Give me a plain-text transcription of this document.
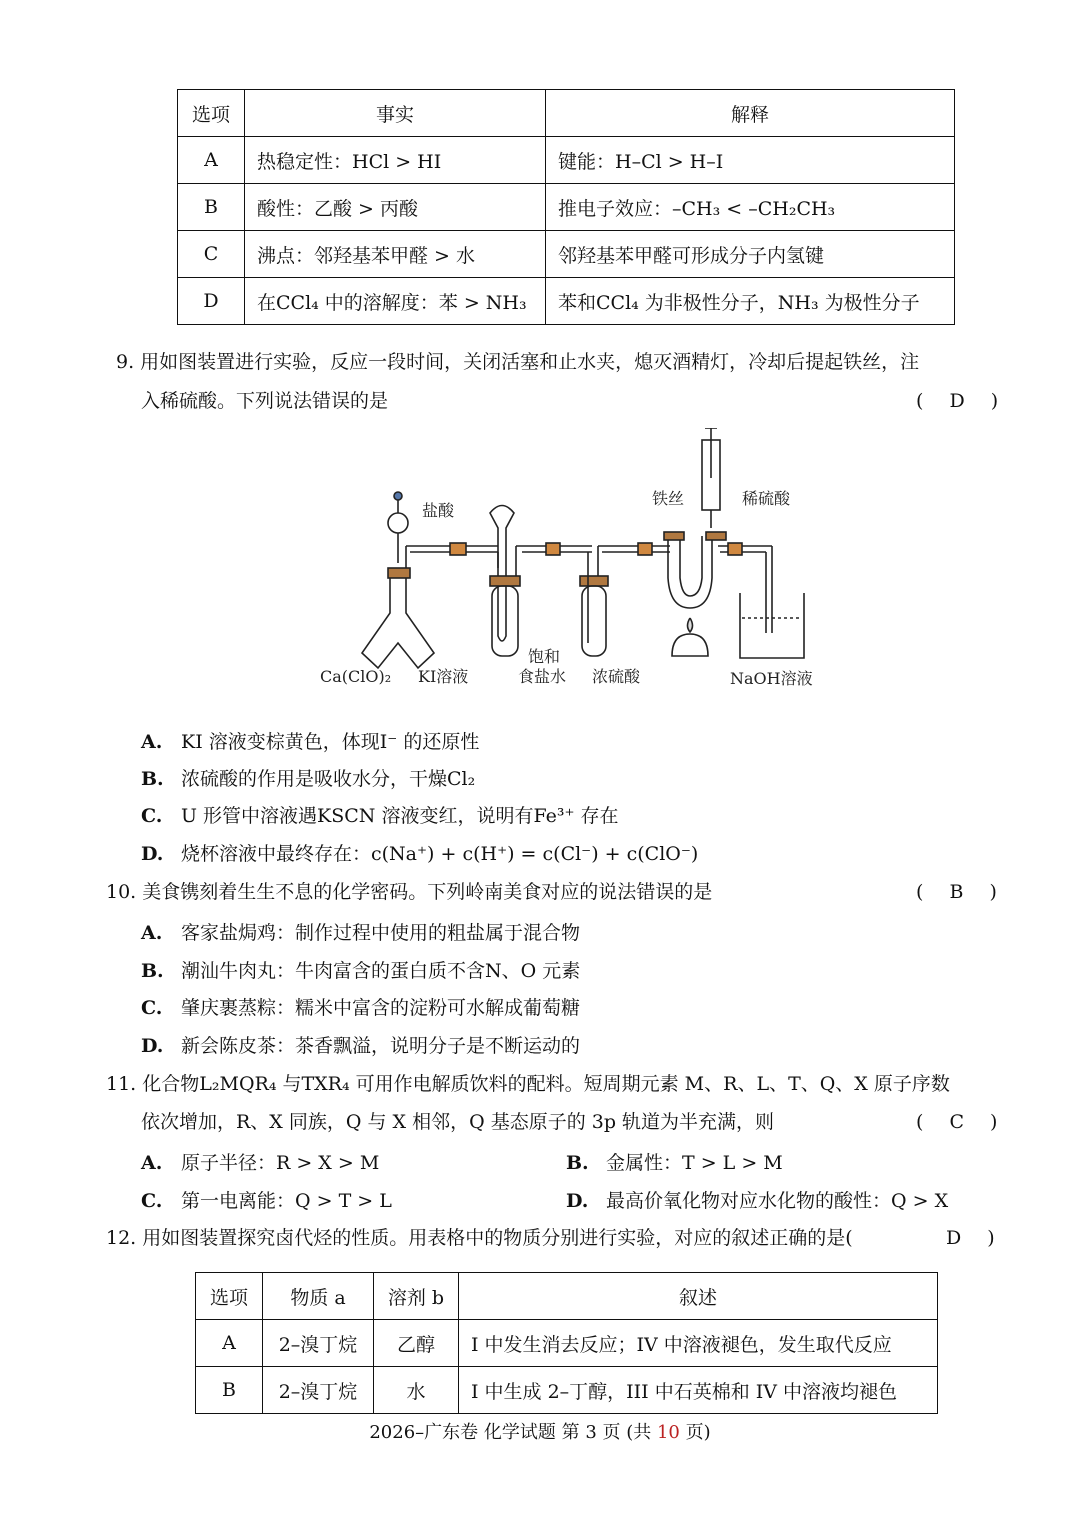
选项	事实	解释
A	热稳定性：HCl > HI	键能：H–Cl > H–I
B	酸性：乙酸 > 丙酸	推电子效应：–CH₃ < –CH₂CH₃
C	沸点：邻羟基苯甲醛 > 水	邻羟基苯甲醛可形成分子内氢键
D	在CCl₄ 中的溶解度：苯 > NH₃	苯和CCl₄ 为非极性分子，NH₃ 为极性分子
9. 用如图装置进行实验，反应一段时间，关闭活塞和止水夹，熄灭酒精灯，冷却后提起铁丝，注
入稀硫酸。下列说法错误的是	( D )
盐酸
铁丝	稀硫酸
Ca(ClO)₂ KI溶液
饱和
食盐水 浓硫酸	NaOH溶液
A. KI 溶液变棕黄色，体现I⁻ 的还原性
B. 浓硫酸的作用是吸收水分，干燥Cl₂
C. U 形管中溶液遇KSCN 溶液变红，说明有Fe³⁺ 存在
D. 烧杯溶液中最终存在：c(Na⁺) + c(H⁺) = c(Cl⁻) + c(ClO⁻)
10. 美食镌刻着生生不息的化学密码。下列岭南美食对应的说法错误的是	( B )
A. 客家盐焗鸡：制作过程中使用的粗盐属于混合物
B. 潮汕牛肉丸：牛肉富含的蛋白质不含N、O 元素
C. 肇庆裹蒸粽：糯米中富含的淀粉可水解成葡萄糖
D. 新会陈皮茶：茶香飘溢，说明分子是不断运动的
11. 化合物L₂MQR₄ 与TXR₄ 可用作电解质饮料的配料。短周期元素 M、R、L、T、Q、X 原子序数
依次增加，R、X 同族，Q 与 X 相邻，Q 基态原子的 3p 轨道为半充满，则	( C )
A. 原子半径：R > X > M	B. 金属性：T > L > M
C. 第一电离能：Q > T > L	D. 最高价氧化物对应水化物的酸性：Q > X
12. 用如图装置探究卤代烃的性质。用表格中的物质分别进行实验，对应的叙述正确的是(	D )
选项	物质 a	溶剂 b	叙述
A	2–溴丁烷	乙醇	I 中发生消去反应；IV 中溶液褪色，发生取代反应
B	2–溴丁烷	水	I 中生成 2–丁醇，III 中石英棉和 IV 中溶液均褪色
2026–广东卷 化学试题 第 3 页 (共 10 页)
